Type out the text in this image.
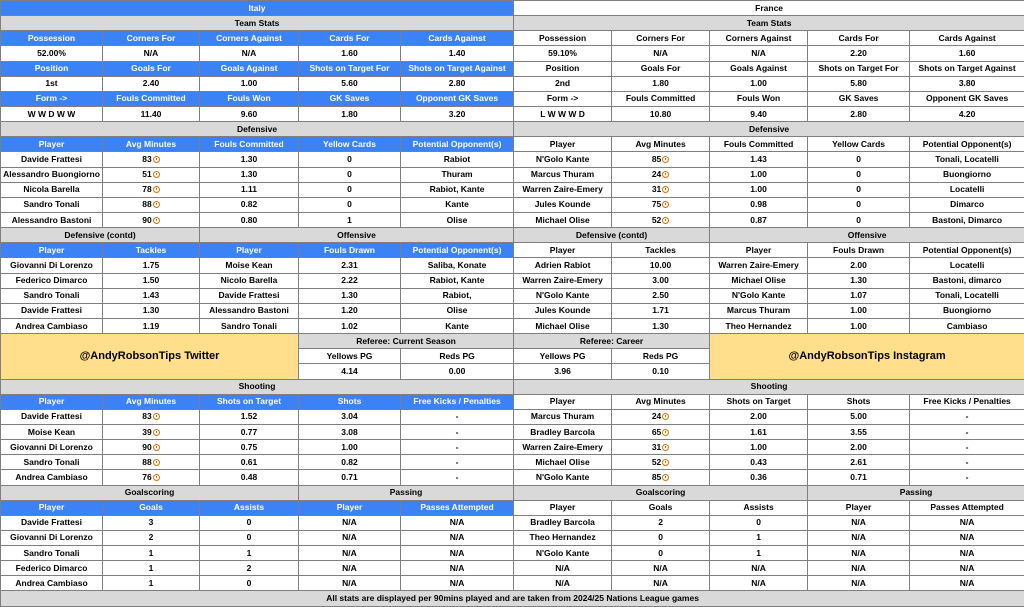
Italy					France				
Team Stats					Team Stats				
Possession	Corners For	Corners Against	Cards For	Cards Against	Possession	Corners For	Corners Against	Cards For	Cards Against
52.00%	N/A	N/A	1.60	1.40	59.10%	N/A	N/A	2.20	1.60
Position	Goals For	Goals Against	Shots on Target For	Shots on Target Against	Position	Goals For	Goals Against	Shots on Target For	Shots on Target Against
1st	2.40	1.00	5.60	2.80	2nd	1.80	1.00	5.80	3.80
Form ->	Fouls Committed	Fouls Won	GK Saves	Opponent GK Saves	Form ->	Fouls Committed	Fouls Won	GK Saves	Opponent GK Saves
W W D W W	11.40	9.60	1.80	3.20	L W W W D	10.80	9.40	2.80	4.20
Defensive					Defensive				
Player	Avg Minutes	Fouls Committed	Yellow Cards	Potential Opponent(s)	Player	Avg Minutes	Fouls Committed	Yellow Cards	Potential Opponent(s)
Davide Frattesi	83	1.30	0	Rabiot	N'Golo Kante	85	1.43	0	Tonali, Locatelli
Alessandro Buongiorno	51	1.30	0	Thuram	Marcus Thuram	24	1.00	0	Buongiorno
Nicola Barella	78	1.11	0	Rabiot, Kante	Warren Zaire-Emery	31	1.00	0	Locatelli
Sandro Tonali	88	0.82	0	Kante	Jules Kounde	75	0.98	0	Dimarco
Alessandro Bastoni	90	0.80	1	Olise	Michael Olise	52	0.87	0	Bastoni, Dimarco
Defensive (contd)		Offensive			Defensive (contd)		Offensive		
Player	Tackles	Player	Fouls Drawn	Potential Opponent(s)	Player	Tackles	Player	Fouls Drawn	Potential Opponent(s)
Giovanni Di Lorenzo	1.75	Moise Kean	2.31	Saliba, Konate	Adrien Rabiot	10.00	Warren Zaire-Emery	2.00	Locatelli
Federico Dimarco	1.50	Nicolo Barella	2.22	Rabiot, Kante	Warren Zaire-Emery	3.00	Michael Olise	1.30	Bastoni, dimarco
Sandro Tonali	1.43	Davide Frattesi	1.30	Rabiot,	N'Golo Kante	2.50	N'Golo Kante	1.07	Tonali, Locatelli
Davide Frattesi	1.30	Alessandro Bastoni	1.20	Olise	Jules Kounde	1.71	Marcus Thuram	1.00	Buongiorno
Andrea Cambiaso	1.19	Sandro Tonali	1.02	Kante	Michael Olise	1.30	Theo Hernandez	1.00	Cambiaso
@AndyRobsonTips Twitter			Referee: Current Season		Referee: Career		@AndyRobsonTips Instagram		
			Yellows PG	Reds PG	Yellows PG	Reds PG			
			4.14	0.00	3.96	0.10			
Shooting					Shooting				
Player	Avg Minutes	Shots on Target	Shots	Free Kicks / Penalties	Player	Avg Minutes	Shots on Target	Shots	Free Kicks / Penalties
Davide Frattesi	83	1.52	3.04	-	Marcus Thuram	24	2.00	5.00	-
Moise Kean	39	0.77	3.08	-	Bradley Barcola	65	1.61	3.55	-
Giovanni Di Lorenzo	90	0.75	1.00	-	Warren Zaire-Emery	31	1.00	2.00	-
Sandro Tonali	88	0.61	0.82	-	Michael Olise	52	0.43	2.61	-
Andrea Cambiaso	76	0.48	0.71	-	N'Golo Kante	85	0.36	0.71	-
Goalscoring			Passing		Goalscoring			Passing	
Player	Goals	Assists	Player	Passes Attempted	Player	Goals	Assists	Player	Passes Attempted
Davide Frattesi	3	0	N/A	N/A	Bradley Barcola	2	0	N/A	N/A
Giovanni Di Lorenzo	2	0	N/A	N/A	Theo Hernandez	0	1	N/A	N/A
Sandro Tonali	1	1	N/A	N/A	N'Golo Kante	0	1	N/A	N/A
Federico Dimarco	1	2	N/A	N/A	N/A	N/A	N/A	N/A	N/A
Andrea Cambiaso	1	0	N/A	N/A	N/A	N/A	N/A	N/A	N/A
All stats are displayed per 90mins played and are taken from 2024/25 Nations League games									
